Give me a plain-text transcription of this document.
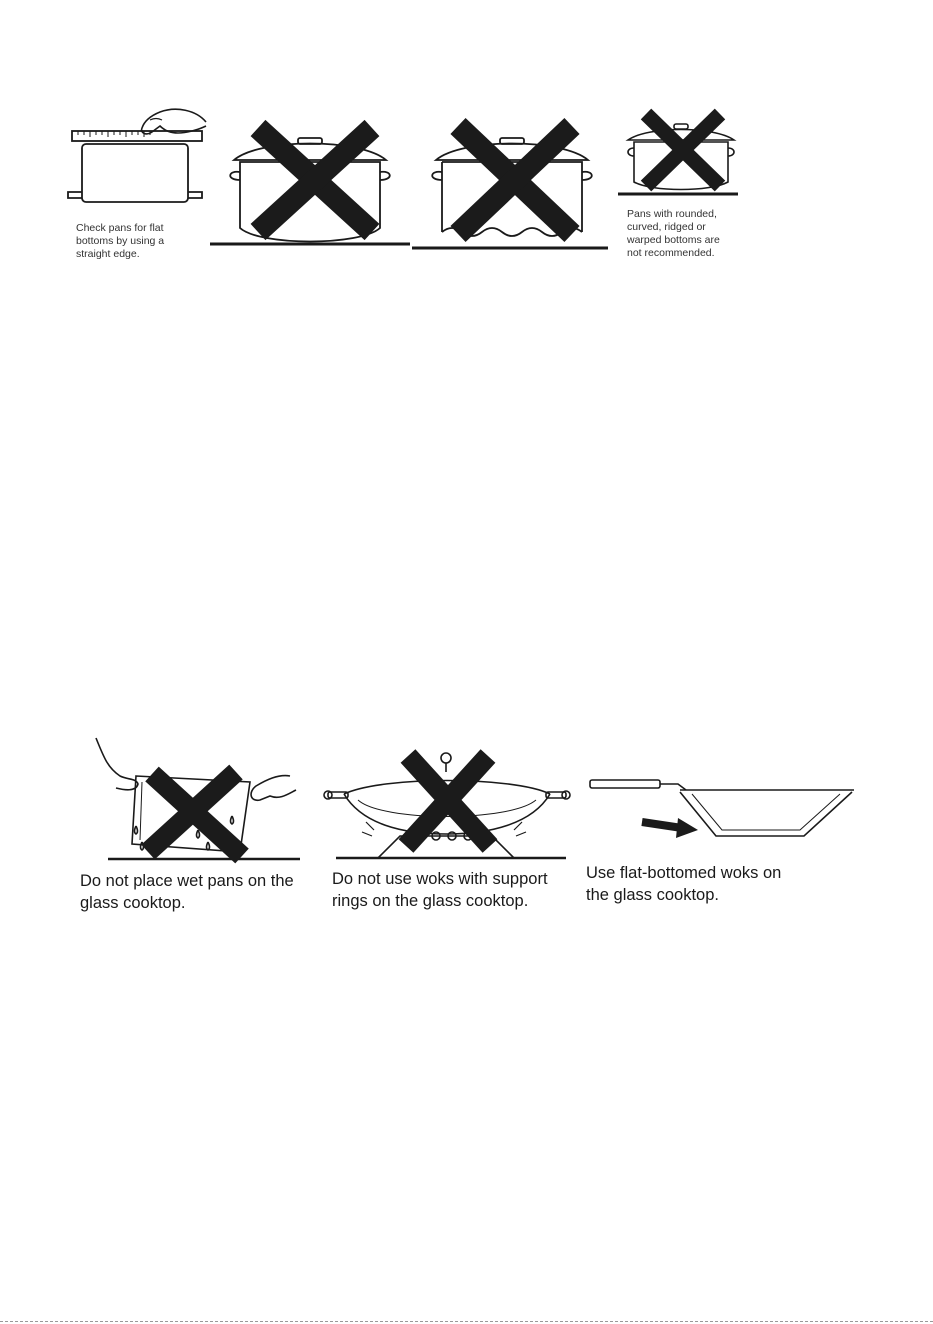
Check pans for flat
bottoms by using a
straight edge.
Pans with rounded,
curved, ridged or
warped bottoms are
not recommended.
Do not place wet pans on the
glass cooktop.
Do not use woks with support
rings on the glass cooktop.
Use flat-bottomed woks on
the glass cooktop.
